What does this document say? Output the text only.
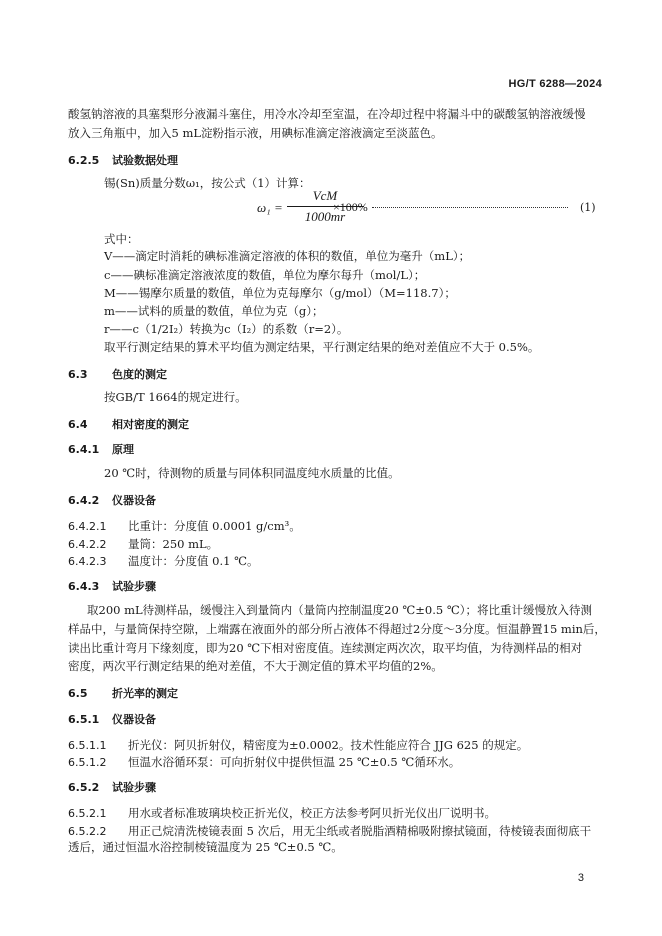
HG/T 6288—2024
酸氢钠溶液的具塞梨形分液漏斗塞住，用冷水冷却至室温，在冷却过程中将漏斗中的碳酸氢钠溶液缓慢
放入三角瓶中，加入5 mL淀粉指示液，用碘标准滴定溶液滴定至淡蓝色。
6.2.5 试验数据处理
锡(Sn)质量分数ω₁，按公式（1）计算：
ω₁ =
VcM
1000mr
×100%	(1)
式中：
V——滴定时消耗的碘标准滴定溶液的体积的数值，单位为毫升（mL）；
c——碘标准滴定溶液浓度的数值，单位为摩尔每升（mol/L）；
M——锡摩尔质量的数值，单位为克每摩尔（g/mol）（M=118.7）；
m——试料的质量的数值，单位为克（g）；
r——c（1/2I₂）转换为c（I₂）的系数（r=2）。
取平行测定结果的算术平均值为测定结果，平行测定结果的绝对差值应不大于 0.5%。
6.3 色度的测定
按GB/T 1664的规定进行。
6.4 相对密度的测定
6.4.1 原理
20 ℃时，待测物的质量与同体积同温度纯水质量的比值。
6.4.2 仪器设备
6.4.2.1 比重计：分度值 0.0001 g/cm³。
6.4.2.2 量筒：250 mL。
6.4.2.3 温度计：分度值 0.1 ℃。
6.4.3 试验步骤
取200 mL待测样品，缓慢注入到量筒内（量筒内控制温度20 ℃±0.5 ℃）；将比重计缓慢放入待测
样品中，与量筒保持空隙，上端露在液面外的部分所占液体不得超过2分度～3分度。恒温静置15 min后，
读出比重计弯月下缘刻度，即为20 ℃下相对密度值。连续测定两次次，取平均值，为待测样品的相对
密度，两次平行测定结果的绝对差值，不大于测定值的算术平均值的2%。
6.5 折光率的测定
6.5.1 仪器设备
6.5.1.1 折光仪：阿贝折射仪，精密度为±0.0002。技术性能应符合 JJG 625 的规定。
6.5.1.2 恒温水浴循环泵：可向折射仪中提供恒温 25 ℃±0.5 ℃循环水。
6.5.2 试验步骤
6.5.2.1 用水或者标准玻璃块校正折光仪，校正方法参考阿贝折光仪出厂说明书。
6.5.2.2 用正己烷清洗棱镜表面 5 次后，用无尘纸或者脱脂酒精棉吸附擦拭镜面，待棱镜表面彻底干
透后，通过恒温水浴控制棱镜温度为 25 ℃±0.5 ℃。
3
